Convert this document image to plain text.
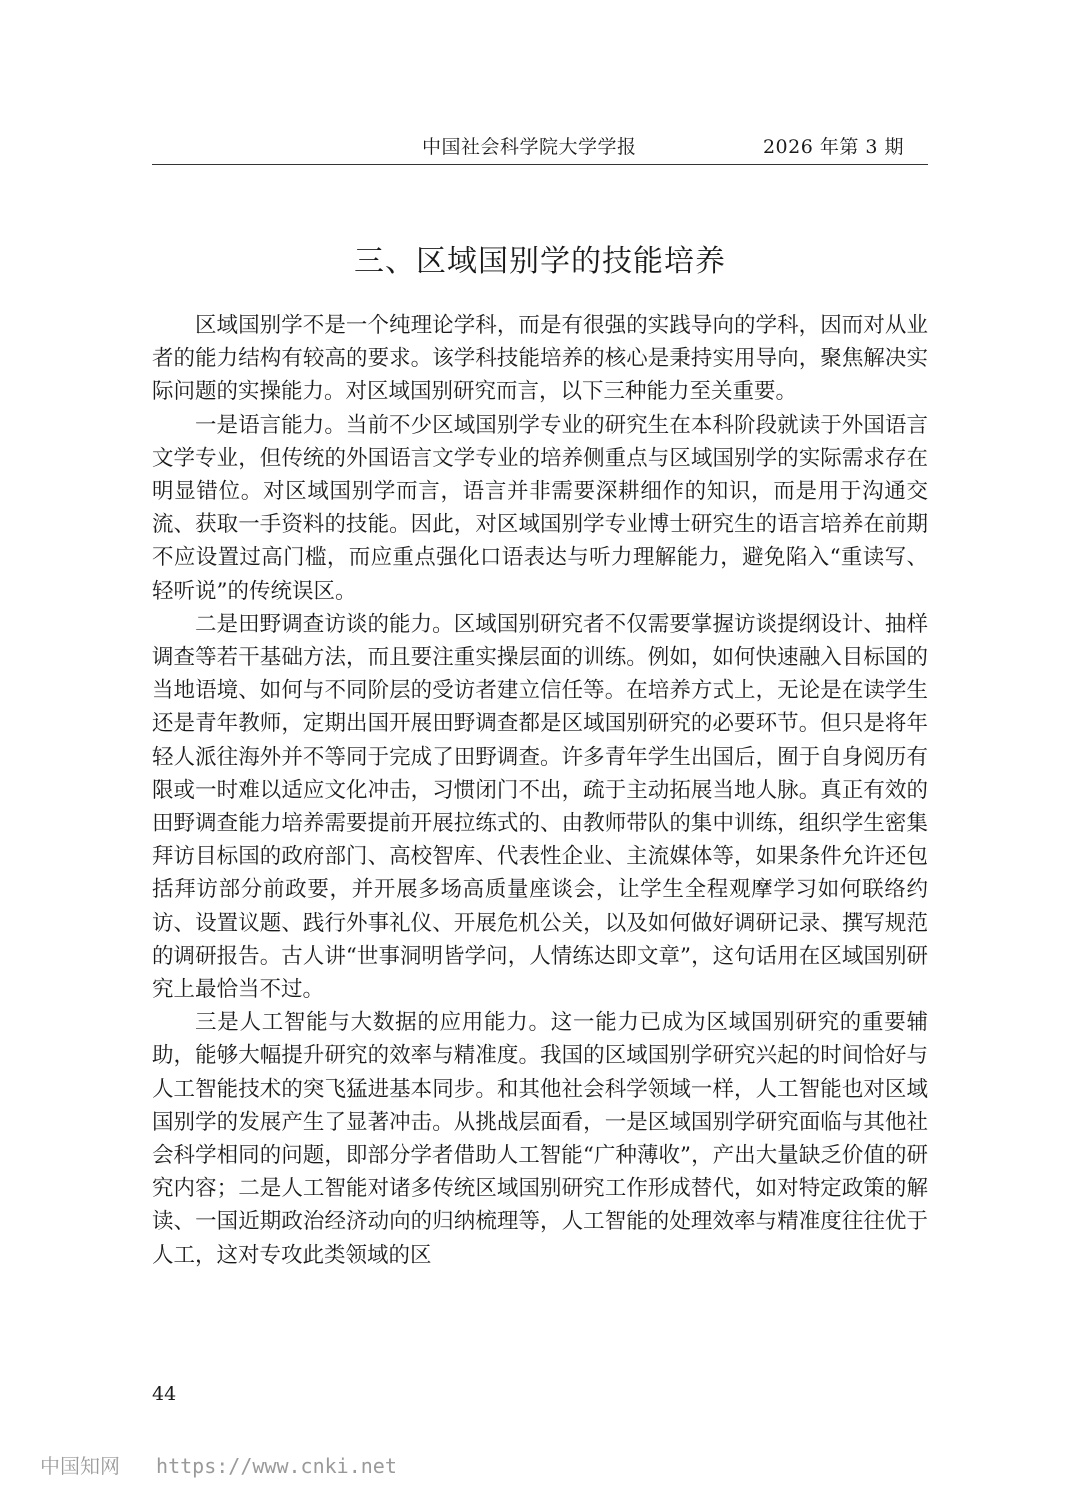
中国社会科学院大学学报	2026 年第 3 期
三、区域国别学的技能培养

区域国别学不是一个纯理论学科，而是有很强的实践导向的学科，因而对从业者的能力结构有较高的要求。该学科技能培养的核心是秉持实用导向，聚焦解决实际问题的实操能力。对区域国别研究而言，以下三种能力至关重要。

一是语言能力。当前不少区域国别学专业的研究生在本科阶段就读于外国语言文学专业，但传统的外国语言文学专业的培养侧重点与区域国别学的实际需求存在明显错位。对区域国别学而言，语言并非需要深耕细作的知识，而是用于沟通交流、获取一手资料的技能。因此，对区域国别学专业博士研究生的语言培养在前期不应设置过高门槛，而应重点强化口语表达与听力理解能力，避免陷入“重读写、轻听说”的传统误区。

二是田野调查访谈的能力。区域国别研究者不仅需要掌握访谈提纲设计、抽样调查等若干基础方法，而且要注重实操层面的训练。例如，如何快速融入目标国的当地语境、如何与不同阶层的受访者建立信任等。在培养方式上，无论是在读学生还是青年教师，定期出国开展田野调查都是区域国别研究的必要环节。但只是将年轻人派往海外并不等同于完成了田野调查。许多青年学生出国后，囿于自身阅历有限或一时难以适应文化冲击，习惯闭门不出，疏于主动拓展当地人脉。真正有效的田野调查能力培养需要提前开展拉练式的、由教师带队的集中训练，组织学生密集拜访目标国的政府部门、高校智库、代表性企业、主流媒体等，如果条件允许还包括拜访部分前政要，并开展多场高质量座谈会，让学生全程观摩学习如何联络约访、设置议题、践行外事礼仪、开展危机公关，以及如何做好调研记录、撰写规范的调研报告。古人讲“世事洞明皆学问，人情练达即文章”，这句话用在区域国别研究上最恰当不过。

三是人工智能与大数据的应用能力。这一能力已成为区域国别研究的重要辅助，能够大幅提升研究的效率与精准度。我国的区域国别学研究兴起的时间恰好与人工智能技术的突飞猛进基本同步。和其他社会科学领域一样，人工智能也对区域国别学的发展产生了显著冲击。从挑战层面看，一是区域国别学研究面临与其他社会科学相同的问题，即部分学者借助人工智能“广种薄收”，产出大量缺乏价值的研究内容；二是人工智能对诸多传统区域国别研究工作形成替代，如对特定政策的解读、一国近期政治经济动向的归纳梳理等，人工智能的处理效率与精准度往往优于人工，这对专攻此类领域的区

44
中国知网 https://www.cnki.net
